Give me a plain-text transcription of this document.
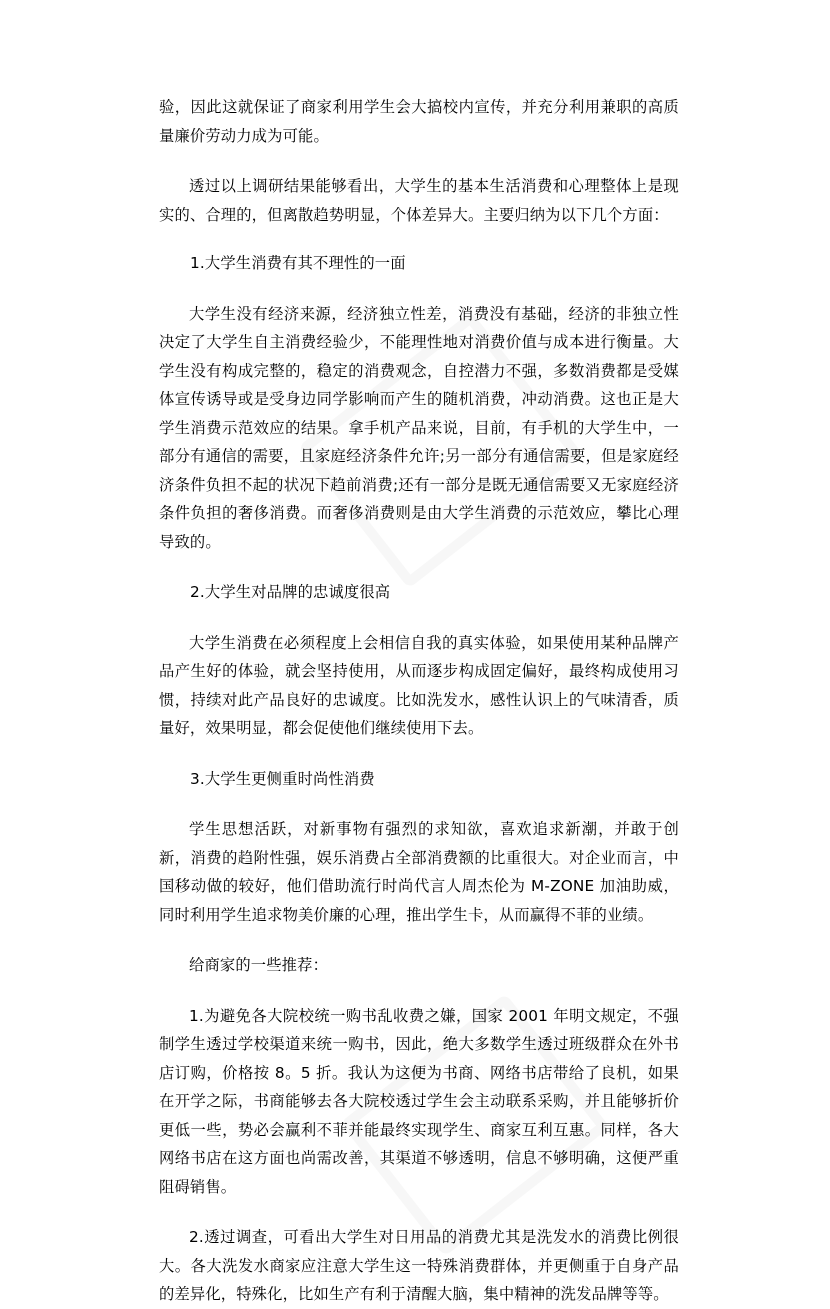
验，因此这就保证了商家利用学生会大搞校内宣传，并充分利用兼职的高质量廉价劳动力成为可能。

透过以上调研结果能够看出，大学生的基本生活消费和心理整体上是现实的、合理的，但离散趋势明显，个体差异大。主要归纳为以下几个方面：

1.大学生消费有其不理性的一面

大学生没有经济来源，经济独立性差，消费没有基础，经济的非独立性决定了大学生自主消费经验少，不能理性地对消费价值与成本进行衡量。大学生没有构成完整的，稳定的消费观念，自控潜力不强，多数消费都是受媒体宣传诱导或是受身边同学影响而产生的随机消费，冲动消费。这也正是大学生消费示范效应的结果。拿手机产品来说，目前，有手机的大学生中，一部分有通信的需要，且家庭经济条件允许;另一部分有通信需要，但是家庭经济条件负担不起的状况下趋前消费;还有一部分是既无通信需要又无家庭经济条件负担的奢侈消费。而奢侈消费则是由大学生消费的示范效应，攀比心理导致的。

2.大学生对品牌的忠诚度很高

大学生消费在必须程度上会相信自我的真实体验，如果使用某种品牌产品产生好的体验，就会坚持使用，从而逐步构成固定偏好，最终构成使用习惯，持续对此产品良好的忠诚度。比如洗发水，感性认识上的气味清香，质量好，效果明显，都会促使他们继续使用下去。

3.大学生更侧重时尚性消费

学生思想活跃，对新事物有强烈的求知欲，喜欢追求新潮，并敢于创新，消费的趋附性强，娱乐消费占全部消费额的比重很大。对企业而言，中国移动做的较好，他们借助流行时尚代言人周杰伦为 M-ZONE 加油助威，同时利用学生追求物美价廉的心理，推出学生卡，从而赢得不菲的业绩。

给商家的一些推荐：

1.为避免各大院校统一购书乱收费之嫌，国家 2001 年明文规定，不强制学生透过学校渠道来统一购书，因此，绝大多数学生透过班级群众在外书店订购，价格按 8。5 折。我认为这便为书商、网络书店带给了良机，如果在开学之际，书商能够去各大院校透过学生会主动联系采购，并且能够折价更低一些，势必会赢利不菲并能最终实现学生、商家互利互惠。同样，各大网络书店在这方面也尚需改善，其渠道不够透明，信息不够明确，这便严重阻碍销售。

2.透过调查，可看出大学生对日用品的消费尤其是洗发水的消费比例很大。各大洗发水商家应注意大学生这一特殊消费群体，并更侧重于自身产品的差异化，特殊化，比如生产有利于清醒大脑，集中精神的洗发品牌等等。
